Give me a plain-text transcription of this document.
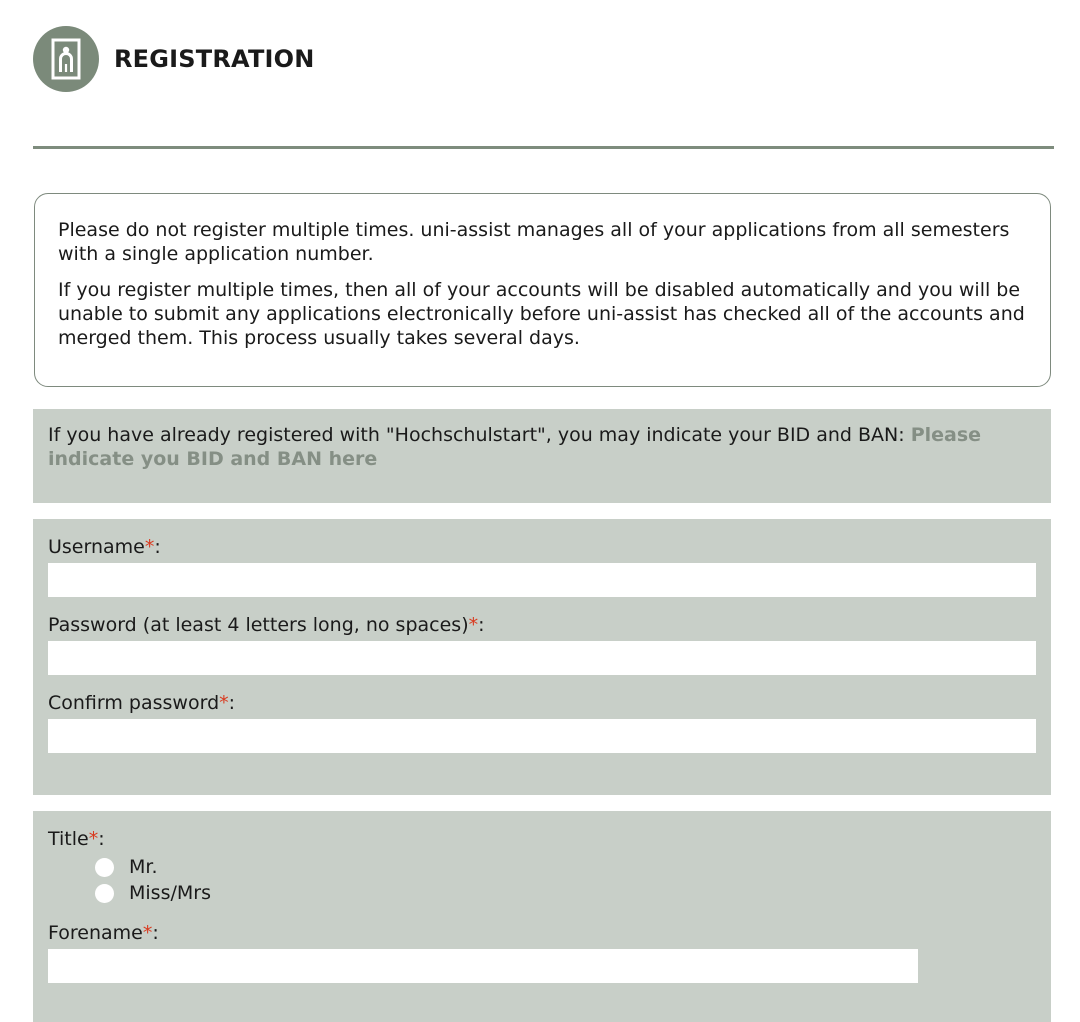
REGISTRATION

Please do not register multiple times. uni-assist manages all of your applications from all semesters with a single application number.

If you register multiple times, then all of your accounts will be disabled automatically and you will be unable to submit any applications electronically before uni-assist has checked all of the accounts and merged them. This process usually takes several days.

If you have already registered with "Hochschulstart", you may indicate your BID and BAN: Please indicate you BID and BAN here
Username*:
Password (at least 4 letters long, no spaces)*:
Confirm password*:
Title*:
Mr.
Miss/Mrs
Forename*:
